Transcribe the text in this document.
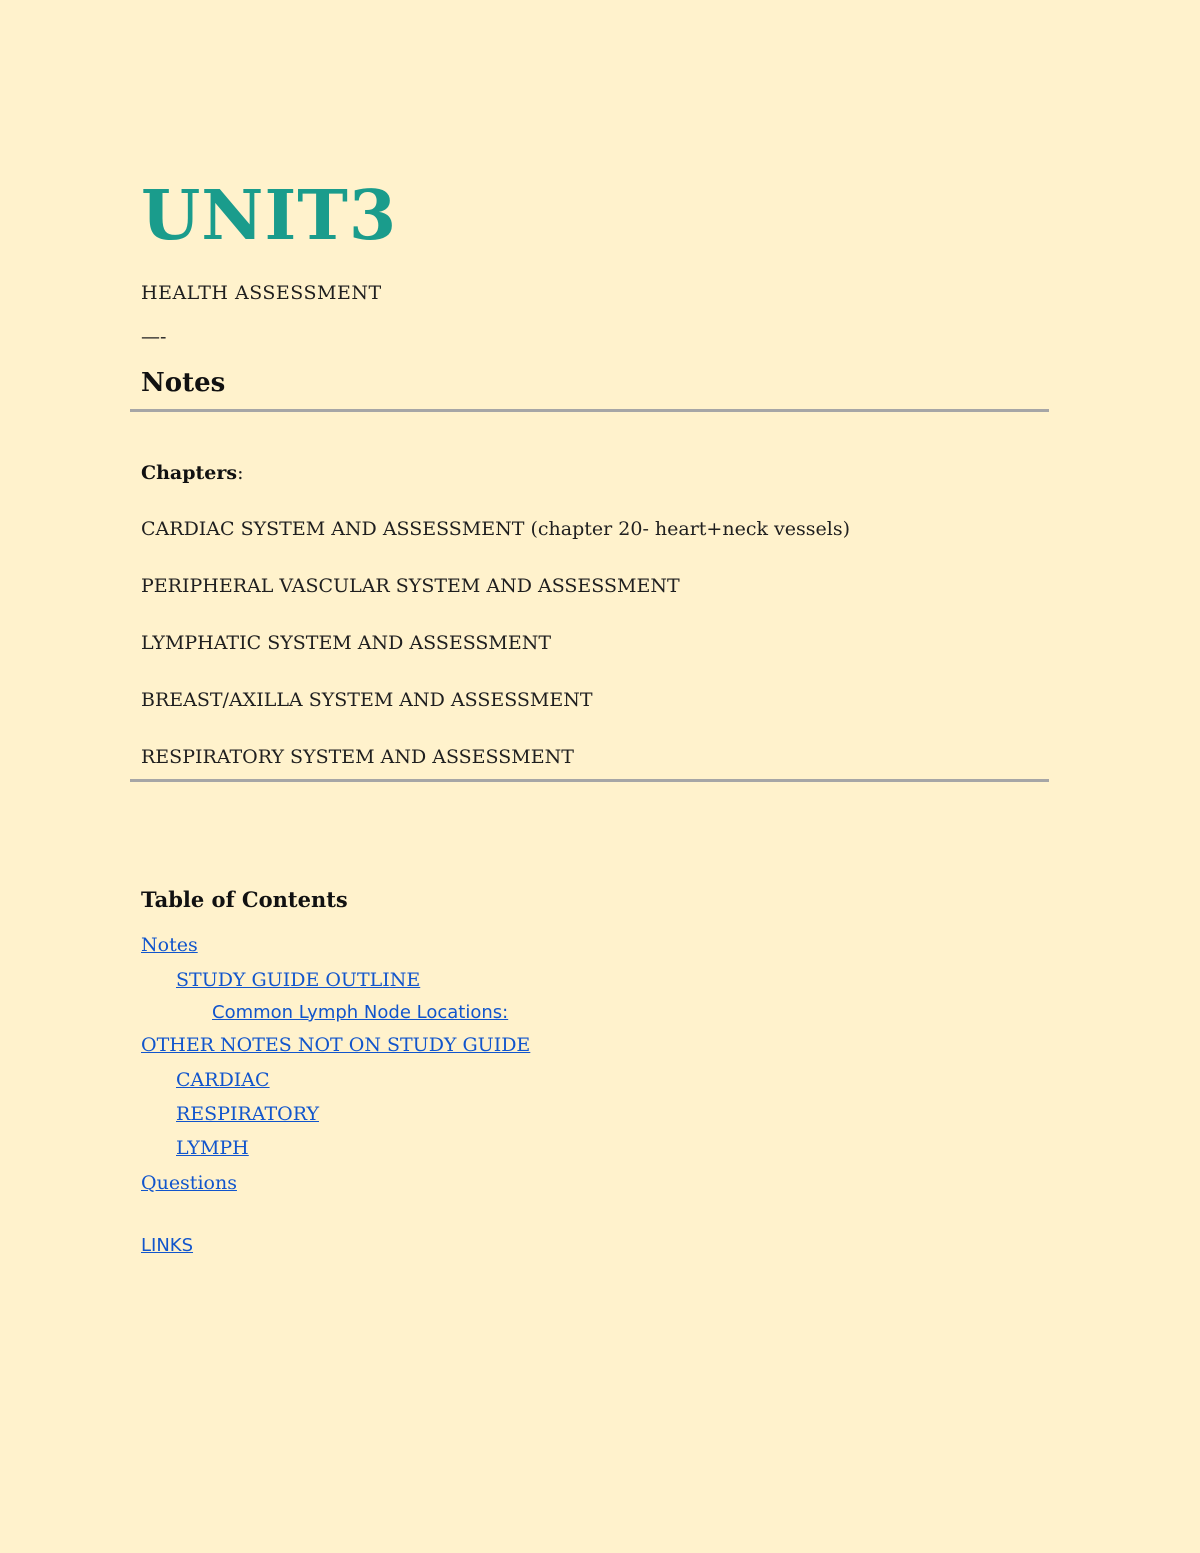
UNIT3
HEALTH ASSESSMENT
—-
Notes
Chapters:
CARDIAC SYSTEM AND ASSESSMENT (chapter 20- heart+neck vessels)
PERIPHERAL VASCULAR SYSTEM AND ASSESSMENT
LYMPHATIC SYSTEM AND ASSESSMENT
BREAST/AXILLA SYSTEM AND ASSESSMENT
RESPIRATORY SYSTEM AND ASSESSMENT
Table of Contents
Notes
STUDY GUIDE OUTLINE
Common Lymph Node Locations:
OTHER NOTES NOT ON STUDY GUIDE
CARDIAC
RESPIRATORY
LYMPH
Questions
LINKS
